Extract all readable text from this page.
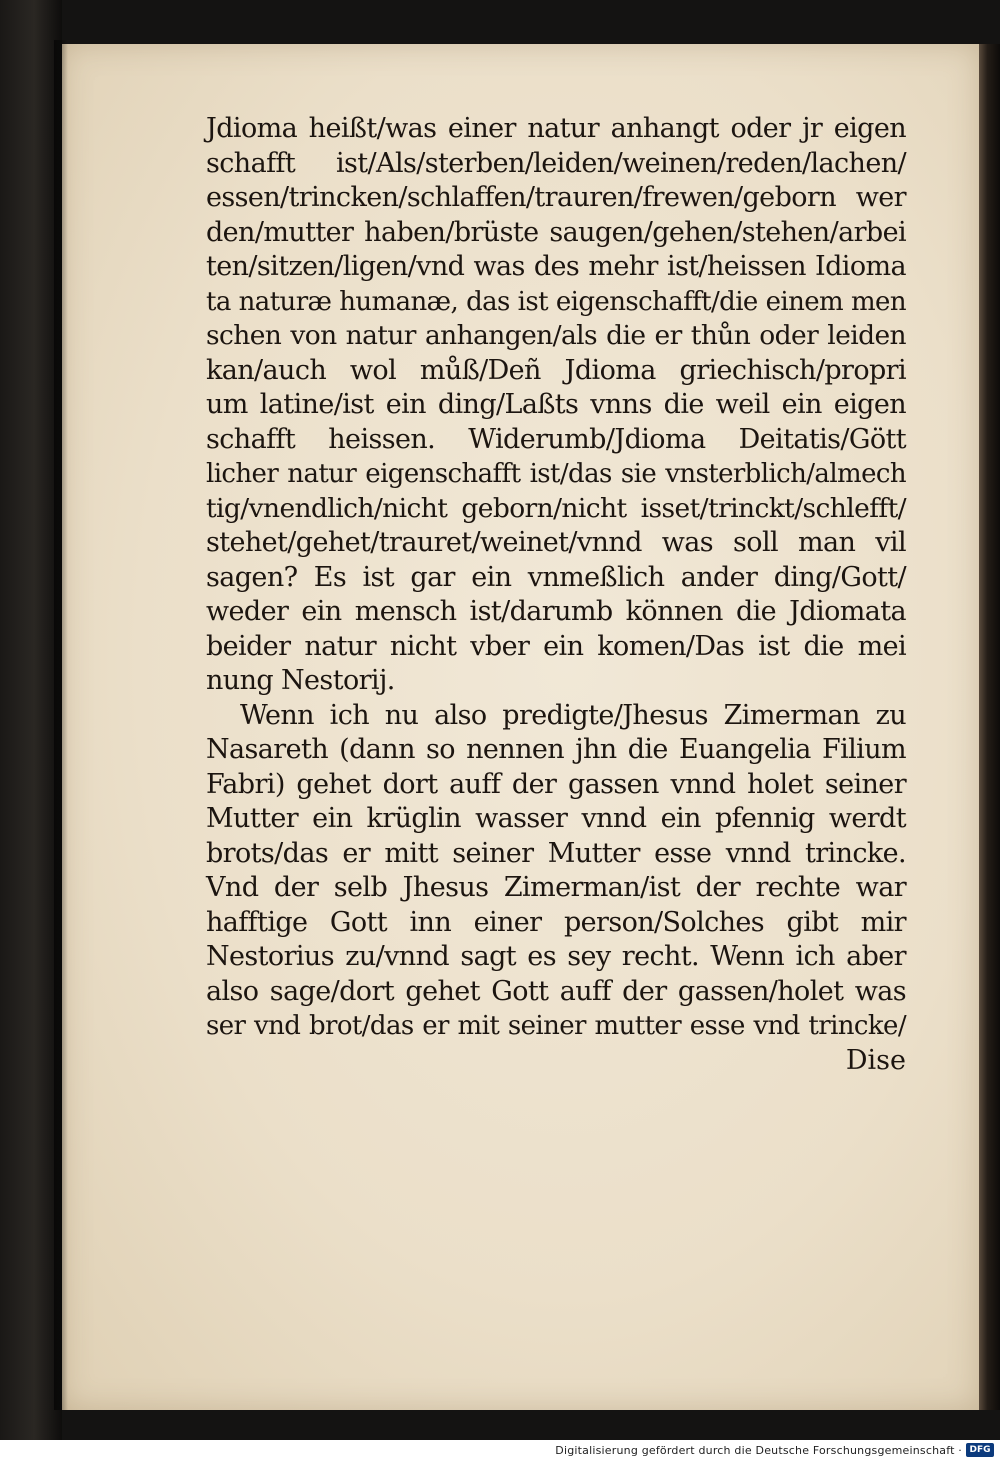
Jdioma heißt/was einer natur anhangt oder jr eigen
schafft ist/Als/sterben/leiden/weinen/reden/lachen/
essen/trincken/schlaffen/trauren/frewen/geborn wer
den/mutter haben/brüste saugen/gehen/stehen/arbei
ten/sitzen/ligen/vnd was des mehr ist/heissen Idioma
ta naturæ humanæ, das ist eigenschafft/die einem men
schen von natur anhangen/als die er thůn oder leiden
kan/auch wol můß/Deñ Jdioma griechisch/propri
um latine/ist ein ding/Laßts vnns die weil ein eigen
schafft heissen. Widerumb/Jdioma Deitatis/Gött
licher natur eigenschafft ist/das sie vnsterblich/almech
tig/vnendlich/nicht geborn/nicht isset/trinckt/schlefft/
stehet/gehet/trauret/weinet/vnnd was soll man vil
sagen? Es ist gar ein vnmeßlich ander ding/Gott/
weder ein mensch ist/darumb können die Jdiomata
beider natur nicht vber ein komen/Das ist die mei
nung Nestorij.
Wenn ich nu also predigte/Jhesus Zimerman zu
Nasareth (dann so nennen jhn die Euangelia Filium
Fabri) gehet dort auff der gassen vnnd holet seiner
Mutter ein krüglin wasser vnnd ein pfennig werdt
brots/das er mitt seiner Mutter esse vnnd trincke.
Vnd der selb Jhesus Zimerman/ist der rechte war
hafftige Gott inn einer person/Solches gibt mir
Nestorius zu/vnnd sagt es sey recht. Wenn ich aber
also sage/dort gehet Gott auff der gassen/holet was
ser vnd brot/das er mit seiner mutter esse vnd trincke/
Dise
Digitalisierung gefördert durch die Deutsche Forschungsgemeinschaft · DFG
